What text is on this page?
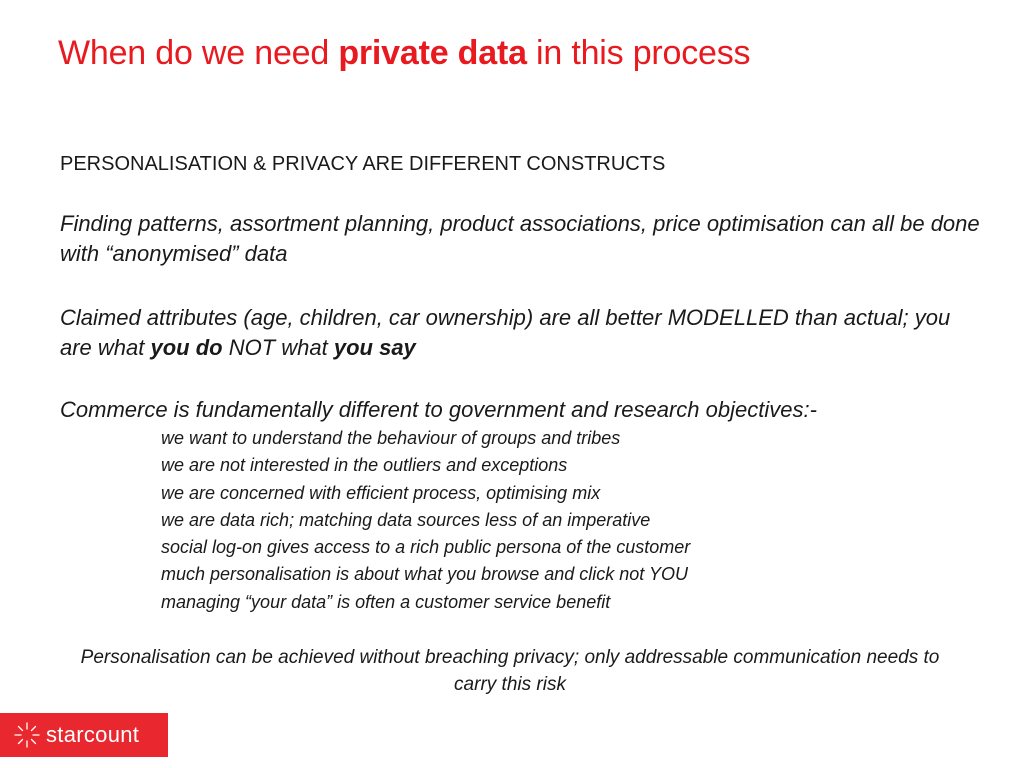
When do we need private data in this process

PERSONALISATION & PRIVACY ARE DIFFERENT CONSTRUCTS

Finding patterns, assortment planning, product associations, price optimisation can all be done with “anonymised” data

Claimed attributes (age, children, car ownership) are all better MODELLED than actual; you are what you do NOT what you say

Commerce is fundamentally different to government and research objectives:-

we want to understand the behaviour of groups and tribes
we are not interested in the outliers and exceptions
we are concerned with efficient process, optimising mix
we are data rich; matching data sources less of an imperative
social log-on gives access to a rich public persona of the customer
much personalisation is about what you browse and click not YOU
managing “your data” is often a customer service benefit

Personalisation can be achieved without breaching privacy; only addressable communication needs to carry this risk

starcount
